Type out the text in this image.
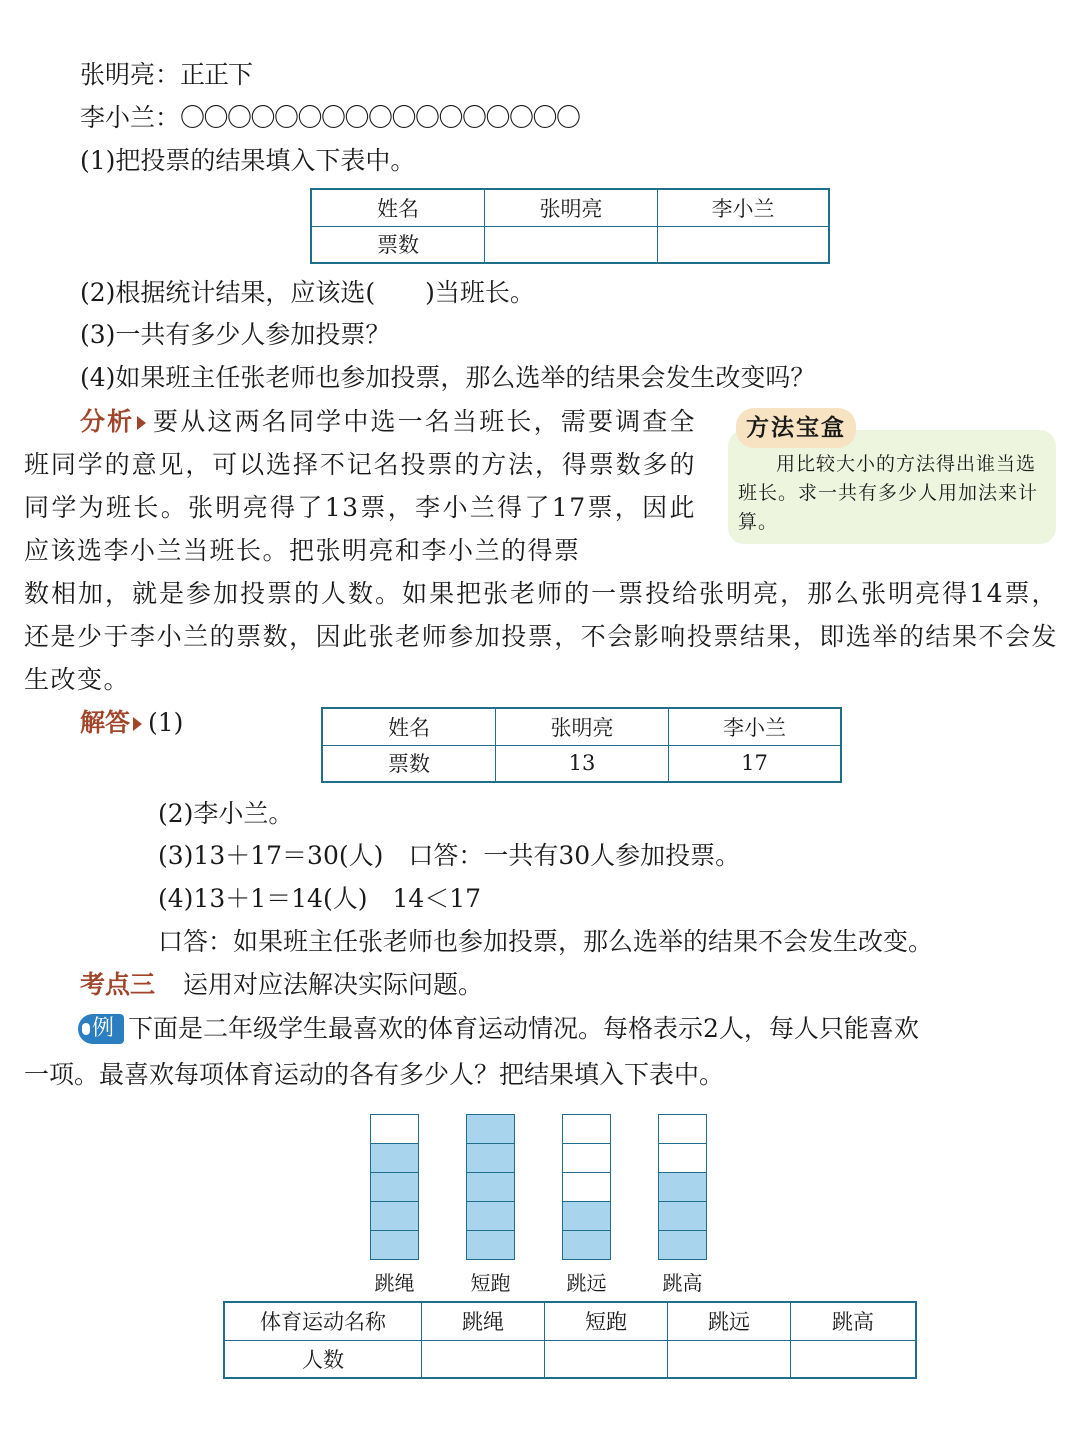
张明亮：正正下
李小兰：〇〇〇〇〇〇〇〇〇〇〇〇〇〇〇〇〇
(1)把投票的结果填入下表中。
姓名	张明亮	李小兰
票数		
(2)根据统计结果，应该选(　　)当班长。
(3)一共有多少人参加投票？
(4)如果班主任张老师也参加投票，那么选举的结果会发生改变吗？
分析 要从这两名同学中选一名当班长，需要调查全班同学的意见，可以选择不记名投票的方法，得票数多的同学为班长。张明亮得了13票，李小兰得了17票，因此应该选李小兰当班长。把张明亮和李小兰的得票
数相加，就是参加投票的人数。如果把张老师的一票投给张明亮，那么张明亮得14票，还是少于李小兰的票数，因此张老师参加投票，不会影响投票结果，即选举的结果不会发生改变。
方法宝盒
用比较大小的方法得出谁当选班长。求一共有多少人用加法来计算。
解答 (1)	姓名	张明亮	李小兰
票数	13	17
(2)李小兰。
(3)13＋17＝30(人)　口答：一共有30人参加投票。
(4)13＋1＝14(人)　14＜17
口答：如果班主任张老师也参加投票，那么选举的结果不会发生改变。
考点三 运用对应法解决实际问题。
例 下面是二年级学生最喜欢的体育运动情况。每格表示2人，每人只能喜欢
一项。最喜欢每项体育运动的各有多少人？把结果填入下表中。
跳绳	短跑	跳远	跳高
体育运动名称	跳绳	短跑	跳远	跳高
人数				
